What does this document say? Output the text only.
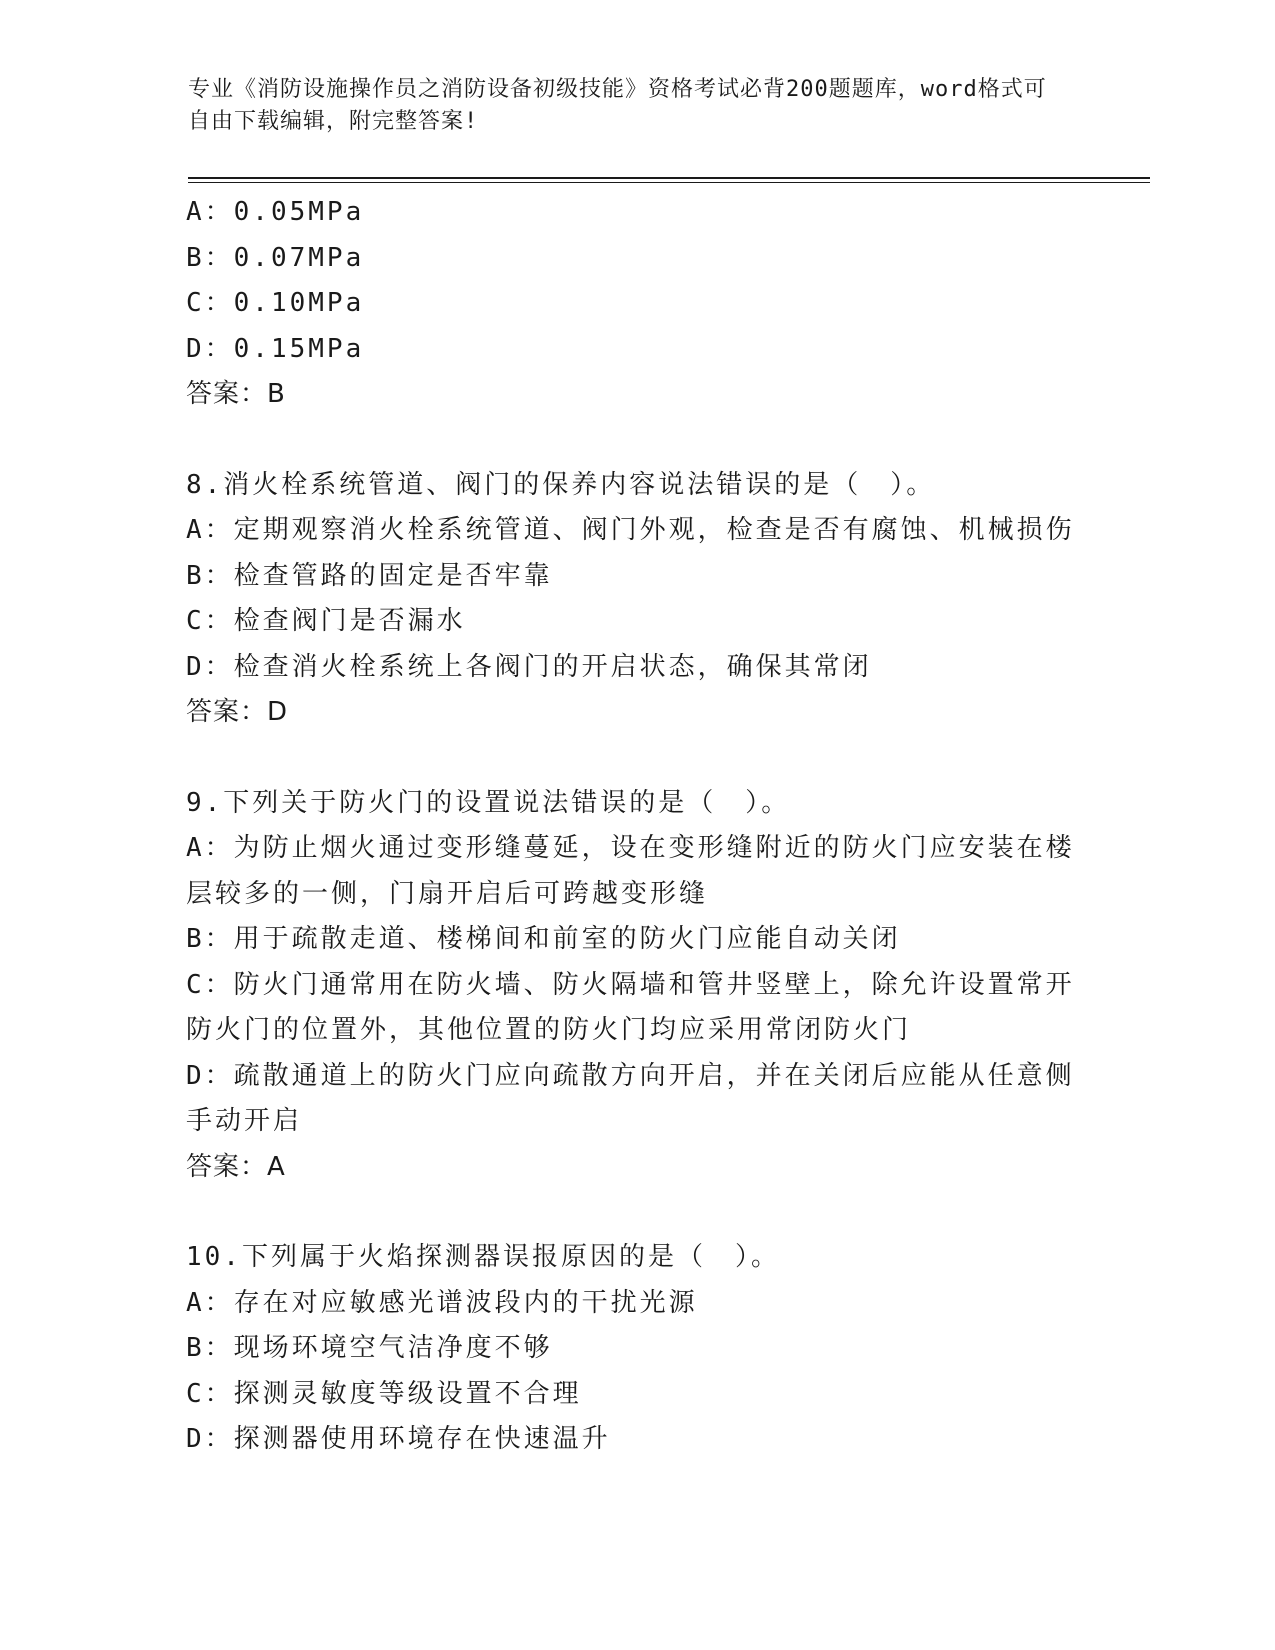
专业《消防设施操作员之消防设备初级技能》资格考试必背200题题库，word格式可自由下载编辑，附完整答案!
A：0.05MPa
B：0.07MPa
C：0.10MPa
D：0.15MPa
答案：B
8.消火栓系统管道、阀门的保养内容说法错误的是（　）。
A：定期观察消火栓系统管道、阀门外观，检查是否有腐蚀、机械损伤
B：检查管路的固定是否牢靠
C：检查阀门是否漏水
D：检查消火栓系统上各阀门的开启状态，确保其常闭
答案：D
9.下列关于防火门的设置说法错误的是（　）。
A：为防止烟火通过变形缝蔓延，设在变形缝附近的防火门应安装在楼层较多的一侧，门扇开启后可跨越变形缝
B：用于疏散走道、楼梯间和前室的防火门应能自动关闭
C：防火门通常用在防火墙、防火隔墙和管井竖壁上，除允许设置常开防火门的位置外，其他位置的防火门均应采用常闭防火门
D：疏散通道上的防火门应向疏散方向开启，并在关闭后应能从任意侧手动开启
答案：A
10.下列属于火焰探测器误报原因的是（　）。
A：存在对应敏感光谱波段内的干扰光源
B：现场环境空气洁净度不够
C：探测灵敏度等级设置不合理
D：探测器使用环境存在快速温升
